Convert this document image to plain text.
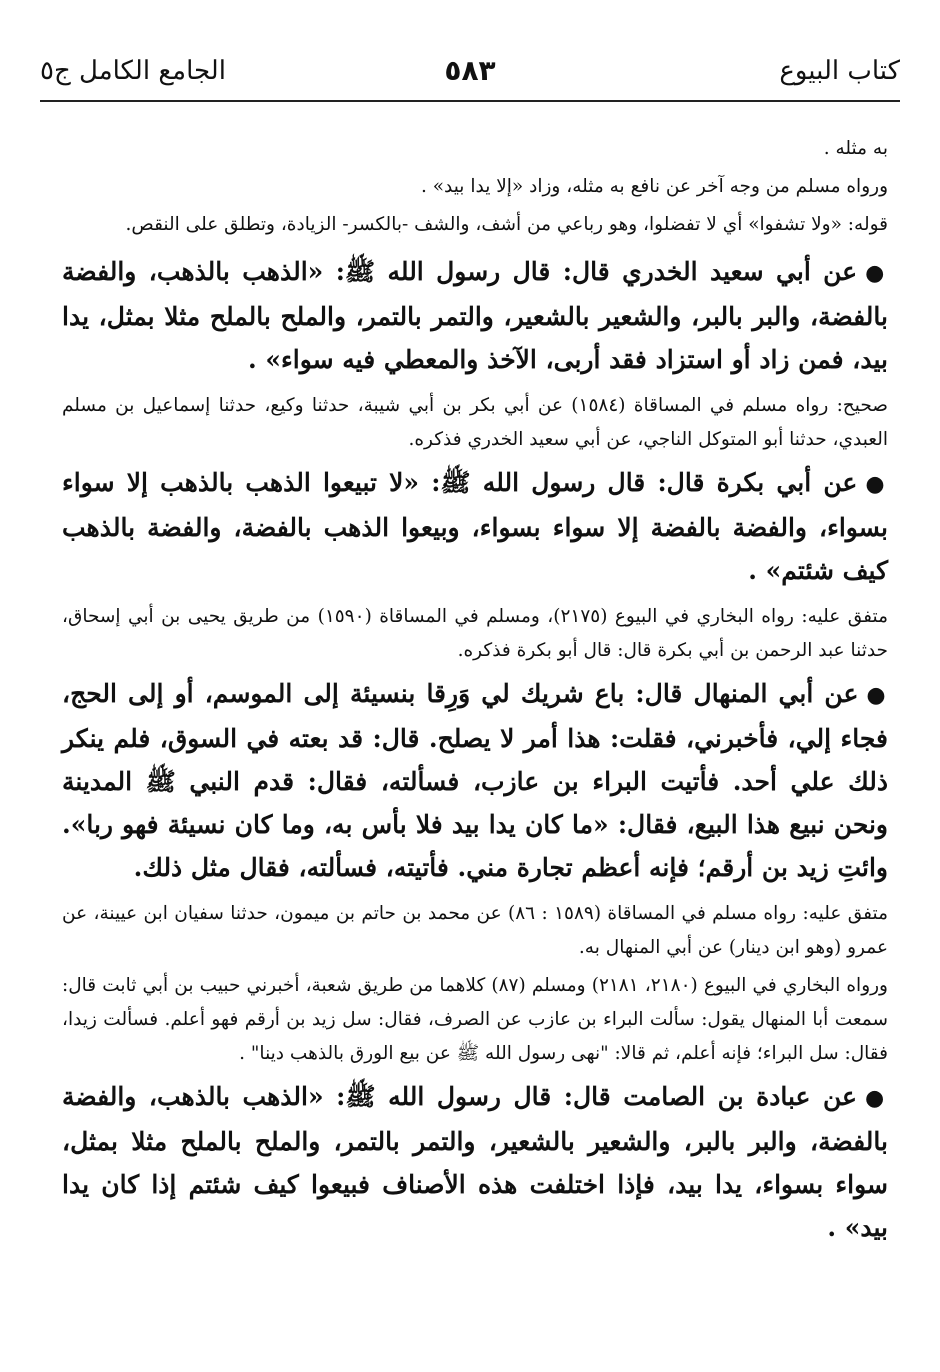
كتاب البيوع
٥٨٣
الجامع الكامل ج٥

به مثله .

ورواه مسلم من وجه آخر عن نافع به مثله، وزاد «إلا يدا بيد» .

قوله: «ولا تشفوا» أي لا تفضلوا، وهو رباعي من أشف، والشف -بالكسر- الزيادة، وتطلق على النقص.

●عن أبي سعيد الخدري قال: قال رسول الله ﷺ: «الذهب بالذهب، والفضة بالفضة، والبر بالبر، والشعير بالشعير، والتمر بالتمر، والملح بالملح مثلا بمثل، يدا بيد، فمن زاد أو استزاد فقد أربى، الآخذ والمعطي فيه سواء» .

صحيح: رواه مسلم في المساقاة (١٥٨٤) عن أبي بكر بن أبي شيبة، حدثنا وكيع، حدثنا إسماعيل بن مسلم العبدي، حدثنا أبو المتوكل الناجي، عن أبي سعيد الخدري فذكره.

●عن أبي بكرة قال: قال رسول الله ﷺ: «لا تبيعوا الذهب بالذهب إلا سواء بسواء، والفضة بالفضة إلا سواء بسواء، وبيعوا الذهب بالفضة، والفضة بالذهب كيف شئتم» .

متفق عليه: رواه البخاري في البيوع (٢١٧٥)، ومسلم في المساقاة (١٥٩٠) من طريق يحيى بن أبي إسحاق، حدثنا عبد الرحمن بن أبي بكرة قال: قال أبو بكرة فذكره.

●عن أبي المنهال قال: باع شريك لي وَرِقا بنسيئة إلى الموسم، أو إلى الحج، فجاء إلي، فأخبرني، فقلت: هذا أمر لا يصلح. قال: قد بعته في السوق، فلم ينكر ذلك علي أحد. فأتيت البراء بن عازب، فسألته، فقال: قدم النبي ﷺ المدينة ونحن نبيع هذا البيع، فقال: «ما كان يدا بيد فلا بأس به، وما كان نسيئة فهو ربا». وائتِ زيد بن أرقم؛ فإنه أعظم تجارة مني. فأتيته، فسألته، فقال مثل ذلك.

متفق عليه: رواه مسلم في المساقاة (١٥٨٩ : ٨٦) عن محمد بن حاتم بن ميمون، حدثنا سفيان ابن عيينة، عن عمرو (وهو ابن دينار) عن أبي المنهال به.

ورواه البخاري في البيوع (٢١٨٠، ٢١٨١) ومسلم (٨٧) كلاهما من طريق شعبة، أخبرني حبيب بن أبي ثابت قال: سمعت أبا المنهال يقول: سألت البراء بن عازب عن الصرف، فقال: سل زيد بن أرقم فهو أعلم. فسألت زيدا، فقال: سل البراء؛ فإنه أعلم، ثم قالا: "نهى رسول الله ﷺ عن بيع الورق بالذهب دينا" .

●عن عبادة بن الصامت قال: قال رسول الله ﷺ: «الذهب بالذهب، والفضة بالفضة، والبر بالبر، والشعير بالشعير، والتمر بالتمر، والملح بالملح مثلا بمثل، سواء بسواء، يدا بيد، فإذا اختلفت هذه الأصناف فبيعوا كيف شئتم إذا كان يدا بيد» .
